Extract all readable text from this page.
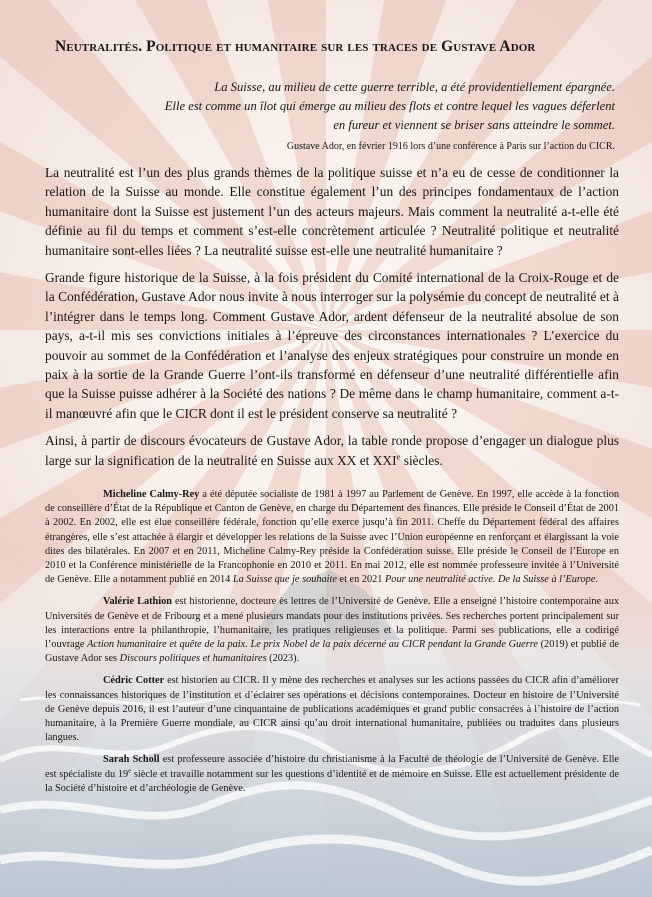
Neutralités. Politique et humanitaire sur les traces de Gustave Ador
La Suisse, au milieu de cette guerre terrible, a été providentiellement épargnée.
Elle est comme un îlot qui émerge au milieu des flots et contre lequel les vagues déferlent
en fureur et viennent se briser sans atteindre le sommet.

Gustave Ador, en février 1916 lors d’une conférence à Paris sur l’action du CICR.

La neutralité est l’un des plus grands thèmes de la politique suisse et n’a eu de cesse de conditionner la relation de la Suisse au monde. Elle constitue également l’un des principes fondamentaux de l’action humanitaire dont la Suisse est justement l’un des acteurs majeurs. Mais comment la neutralité a-t-elle été définie au fil du temps et comment s’est-elle concrètement articulée ? Neutralité politique et neutralité humanitaire sont-elles liées ? La neutralité suisse est-elle une neutralité humanitaire ?

Grande figure historique de la Suisse, à la fois président du Comité international de la Croix-Rouge et de la Confédération, Gustave Ador nous invite à nous interroger sur la polysémie du concept de neutralité et à l’intégrer dans le temps long. Comment Gustave Ador, ardent défenseur de la neutralité absolue de son pays, a-t-il mis ses convictions initiales à l’épreuve des circonstances internationales ? L’exercice du pouvoir au sommet de la Confédération et l’analyse des enjeux stratégiques pour construire un monde en paix à la sortie de la Grande Guerre l’ont-ils transformé en défenseur d’une neutralité différentielle afin que la Suisse puisse adhérer à la Société des nations ? De même dans le champ humanitaire, comment a-t-il manœuvré afin que le CICR dont il est le président conserve sa neutralité ?

Ainsi, à partir de discours évocateurs de Gustave Ador, la table ronde propose d’engager un dialogue plus large sur la signification de la neutralité en Suisse aux XX et XXIe siècles.

Micheline Calmy-Rey a été députée socialiste de 1981 à 1997 au Parlement de Genève. En 1997, elle accède à la fonction de conseillère d’État de la République et Canton de Genève, en charge du Département des finances. Elle préside le Conseil d’État de 2001 à 2002. En 2002, elle est élue conseillère fédérale, fonction qu’elle exerce jusqu’à fin 2011. Cheffe du Département fédéral des affaires étrangères, elle s’est attachée à élargir et développer les relations de la Suisse avec l’Union européenne en renforçant et élargissant la voie dites des bilatérales. En 2007 et en 2011, Micheline Calmy-Rey préside la Confédération suisse. Elle préside le Conseil de l’Europe en 2010 et la Conférence ministérielle de la Francophonie en 2010 et 2011. En mai 2012, elle est nommée professeure invitée à l’Université de Genève. Elle a notamment publié en 2014 La Suisse que je souhaite et en 2021 Pour une neutralité active. De la Suisse à l’Europe.

Valérie Lathion est historienne, docteure ès lettres de l’Université de Genève. Elle a enseigné l’histoire contemporaine aux Universités de Genève et de Fribourg et a mené plusieurs mandats pour des institutions privées. Ses recherches portent principalement sur les interactions entre la philanthropie, l’humanitaire, les pratiques religieuses et la politique. Parmi ses publications, elle a codirigé l’ouvrage Action humanitaire et quête de la paix. Le prix Nobel de la paix décerné au CICR pendant la Grande Guerre (2019) et publié de Gustave Ador ses Discours politiques et humanitaires (2023).

Cédric Cotter est historien au CICR. Il y mène des recherches et analyses sur les actions passées du CICR afin d’améliorer les connaissances historiques de l’institution et d’éclairer ses opérations et décisions contemporaines. Docteur en histoire de l’Université de Genève depuis 2016, il est l’auteur d’une cinquantaine de publications académiques et grand public consacrées à l’histoire de l’action humanitaire, à la Première Guerre mondiale, au CICR ainsi qu’au droit international humanitaire, publiées ou traduites dans plusieurs langues.

Sarah Scholl est professeure associée d’histoire du christianisme à la Faculté de théologie de l’Université de Genève. Elle est spécialiste du 19e siècle et travaille notamment sur les questions d’identité et de mémoire en Suisse. Elle est actuellement présidente de la Société d’histoire et d’archéologie de Genève.
